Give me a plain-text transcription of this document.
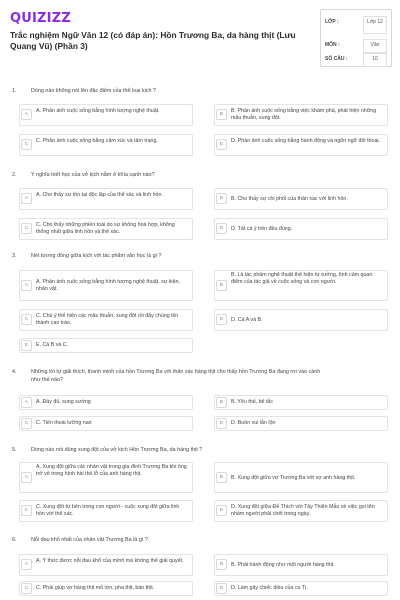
QUIZIZZ
Trắc nghiệm Ngữ Văn 12 (có đáp án): Hồn Trương Ba, da hàng thịt (Lưu Quang Vũ) (Phần 3)
LỚP :	Lớp 12
MÔN :	Văn
SỐ CÂU :	10
1.	Dòng nào không nói lên đặc điểm của thể loại kịch ?
A
A. Phản ánh cuộc sống bằng hình tượng nghệ thuật.
B
B. Phản ánh cuộc sống bằng việc khám phá, phát hiện những mâu thuẫn, xung đột.
C
C. Phản ánh cuộc sống bằng cảm xúc và tâm trạng.
D
D. Phản ánh cuộc sống bằng hành động và ngôn ngữ đối thoại.
2.	Ý nghĩa triết học của vở kịch nằm ở khía cạnh nào?
A
A. Cho thấy sự tồn tại độc lập của thể xác và linh hồn.
B	B. Cho thấy sự chi phối của thân xác với linh hồn.
C
C. Cho thấy những phiền toái do sự không hoà hợp, không thống nhất giữa linh hồn và thể xác.
D	D. Tất cả ý trên đều đúng.
3.	Nét tương đồng giữa kịch với tác phẩm văn học là gì ?
A
A. Phản ánh cuộc sống bằng hình tượng nghệ thuật, sự kiện, nhân vật.
B
B. Là tác phẩm nghệ thuật thể hiện tư tưởng, tình cảm quan điểm của tác giả về cuộc sống và con người.
C
C. Chú ý thể hiện các mâu thuẫn, xung đột rồi đẩy chúng lên thành cao trào.
D	D. Cả A và B.
E	E. Cả B và C.
4.	Những lời tự giãi thích, thanh minh của hồn Trương Ba với thân xác hàng thịt cho thấy hồn Trương Ba đang rơi vào cảnh như thế nào?
A	A. Đầy đủ, sung sướng	B	B. Yếu thế, bế tắc
C	C. Tiến thoái lưỡng nan	D	D. Buồn vui lẫn lộn
5.	Dòng nào nói đúng xung đột của vở kịch Hồn Trương Ba, da hàng thịt ?
A
A. Xung đột giữa các nhân vật trong gia đình Trương Ba khi ông trở về trong hình hài thô lỗ của anh hàng thịt.
B	B. Xung đột giữa vợ Trương Ba với vợ anh hàng thịt.
C
C. Xung đột từ bên trong con người - cuộc xung đột giữa linh hồn với thể xác.
D
D. Xung đột giữa Đế Thích với Tây Thiên Mẫu về việc gọi tên nhầm người phải chết trong ngày.
6.	Nỗi đau khổ nhất của nhân vật Trương Ba là gì ?
A
A. Ý thức được nỗi đau khổ của mình mà không thể giải quyết.
B	B. Phải hành động như một người hàng thịt.
C	C. Phải giúp vợ hàng thịt mổ lợn, pha thịt, bán thịt.	D	D. Làm gãy chiếc diều của cu Tị.
